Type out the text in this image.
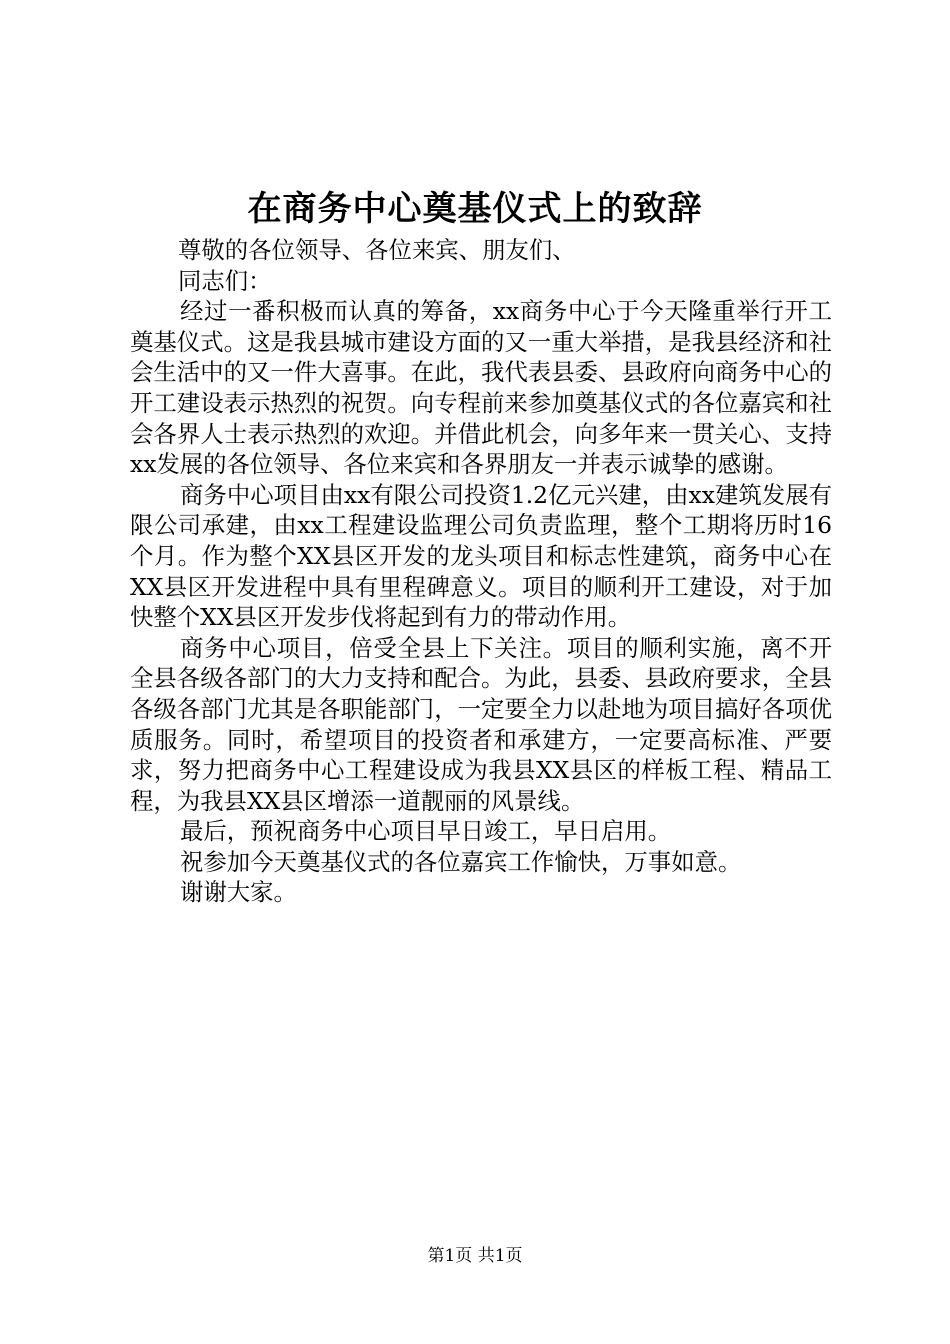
在商务中心奠基仪式上的致辞

尊敬的各位领导、各位来宾、朋友们、

同志们：

经过一番积极而认真的筹备，xx商务中心于今天隆重举行开工奠基仪式。这是我县城市建设方面的又一重大举措，是我县经济和社会生活中的又一件大喜事。在此，我代表县委、县政府向商务中心的开工建设表示热烈的祝贺。向专程前来参加奠基仪式的各位嘉宾和社会各界人士表示热烈的欢迎。并借此机会，向多年来一贯关心、支持xx发展的各位领导、各位来宾和各界朋友一并表示诚挚的感谢。

商务中心项目由xx有限公司投资1.2亿元兴建，由xx建筑发展有限公司承建，由xx工程建设监理公司负责监理，整个工期将历时16个月。作为整个XX县区开发的龙头项目和标志性建筑，商务中心在XX县区开发进程中具有里程碑意义。项目的顺利开工建设，对于加快整个XX县区开发步伐将起到有力的带动作用。

商务中心项目，倍受全县上下关注。项目的顺利实施，离不开全县各级各部门的大力支持和配合。为此，县委、县政府要求，全县各级各部门尤其是各职能部门，一定要全力以赴地为项目搞好各项优质服务。同时，希望项目的投资者和承建方，一定要高标准、严要求，努力把商务中心工程建设成为我县XX县区的样板工程、精品工程，为我县XX县区增添一道靓丽的风景线。

最后，预祝商务中心项目早日竣工，早日启用。

祝参加今天奠基仪式的各位嘉宾工作愉快，万事如意。

谢谢大家。

第1页 共1页
